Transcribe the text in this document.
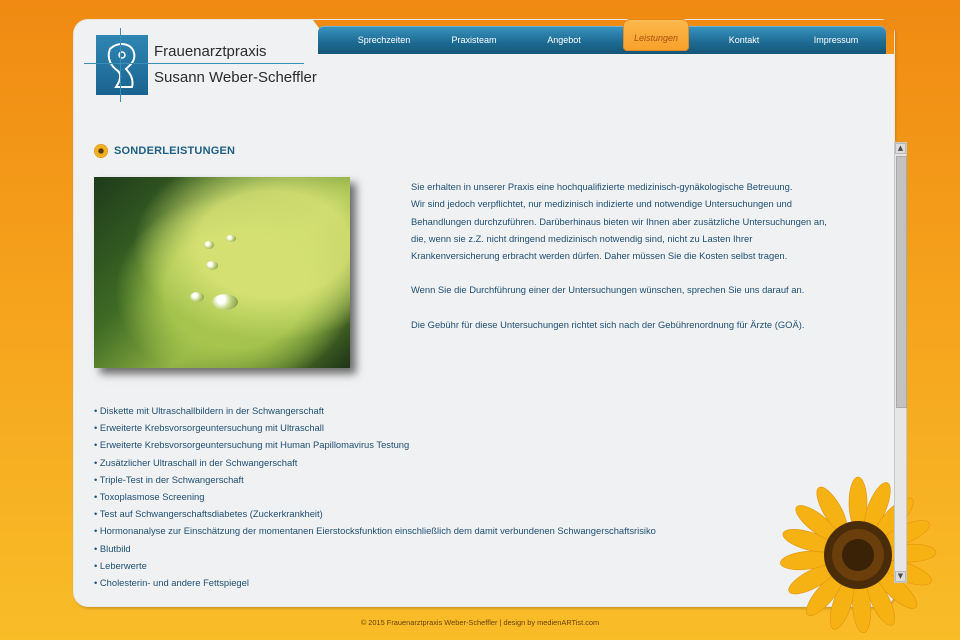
Sprechzeiten	Praxisteam	Angebot	Leistungen	Kontakt	Impressum
Frauenarztpraxis
Susann Weber-Scheffler
SONDERLEISTUNGEN

Sie erhalten in unserer Praxis eine hochqualifizierte medizinisch-gynäkologische Betreuung.

Wir sind jedoch verpflichtet, nur medizinisch indizierte und notwendige Untersuchungen und

Behandlungen durchzuführen. Darüberhinaus bieten wir Ihnen aber zusätzliche Untersuchungen an,

die, wenn sie z.Z. nicht dringend medizinisch notwendig sind, nicht zu Lasten Ihrer

Krankenversicherung erbracht werden dürfen. Daher müssen Sie die Kosten selbst tragen.

Wenn Sie die Durchführung einer der Untersuchungen wünschen, sprechen Sie uns darauf an.

Die Gebühr für diese Untersuchungen richtet sich nach der Gebührenordnung für Ärzte (GOÄ).

• Diskette mit Ultraschallbildern in der Schwangerschaft
• Erweiterte Krebsvorsorgeuntersuchung mit Ultraschall
• Erweiterte Krebsvorsorgeuntersuchung mit Human Papillomavirus Testung
• Zusätzlicher Ultraschall in der Schwangerschaft
• Triple-Test in der Schwangerschaft
• Toxoplasmose Screening
• Test auf Schwangerschaftsdiabetes (Zuckerkrankheit)
• Hormonanalyse zur Einschätzung der momentanen Eierstocksfunktion einschließlich dem damit verbundenen Schwangerschaftsrisiko
• Blutbild
• Leberwerte
• Cholesterin- und andere Fettspiegel
▲
▼
© 2015 Frauenarztpraxis Weber-Scheffler | design by medienARTist.com
